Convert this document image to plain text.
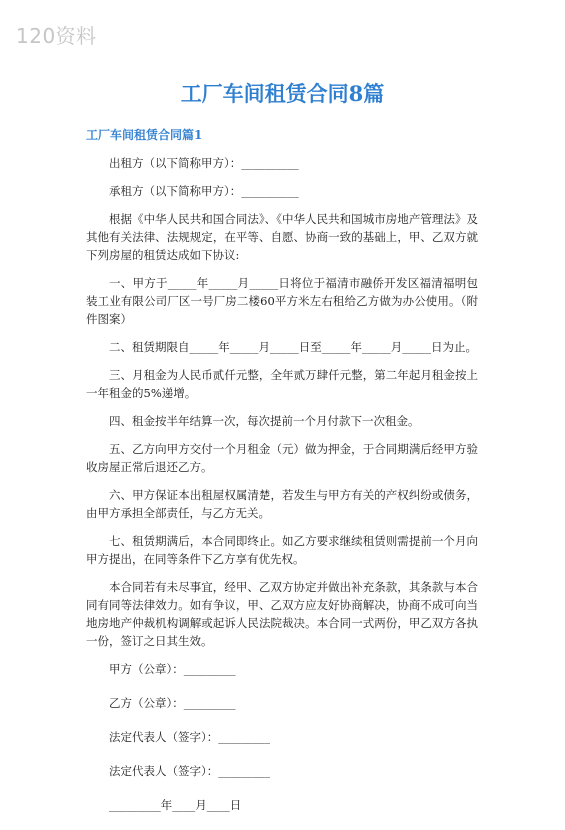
120资料
工厂车间租赁合同8篇
工厂车间租赁合同篇1

出租方（以下简称甲方）：__________

承租方（以下简称甲方）：__________

根据《中华人民共和国合同法》、《中华人民共和国城市房地产管理法》及其他有关法律、法规规定，在平等、自愿、协商一致的基础上，甲、乙双方就下列房屋的租赁达成如下协议:

一、甲方于_____年_____月_____日将位于福清市融侨开发区福清福明包装工业有限公司厂区一号厂房二楼60平方米左右租给乙方做为办公使用。（附件图案）

二、租赁期限自_____年_____月_____日至_____年_____月_____日为止。

三、月租金为人民币贰仟元整，全年贰万肆仟元整，第二年起月租金按上一年租金的5%递增。

四、租金按半年结算一次，每次提前一个月付款下一次租金。

五、乙方向甲方交付一个月租金（元）做为押金，于合同期满后经甲方验收房屋正常后退还乙方。

六、甲方保证本出租屋权属清楚，若发生与甲方有关的产权纠纷或债务，由甲方承担全部责任，与乙方无关。

七、租赁期满后，本合同即终止。如乙方要求继续租赁则需提前一个月向甲方提出，在同等条件下乙方享有优先权。

本合同若有未尽事宜，经甲、乙双方协定并做出补充条款，其条款与本合同有同等法律效力。如有争议，甲、乙双方应友好协商解决，协商不成可向当地房地产仲裁机构调解或起诉人民法院裁决。本合同一式两份，甲乙双方各执一份，签订之日其生效。

甲方（公章）：_________

乙方（公章）：_________

法定代表人（签字）：_________

法定代表人（签字）：_________

_________年____月____日
